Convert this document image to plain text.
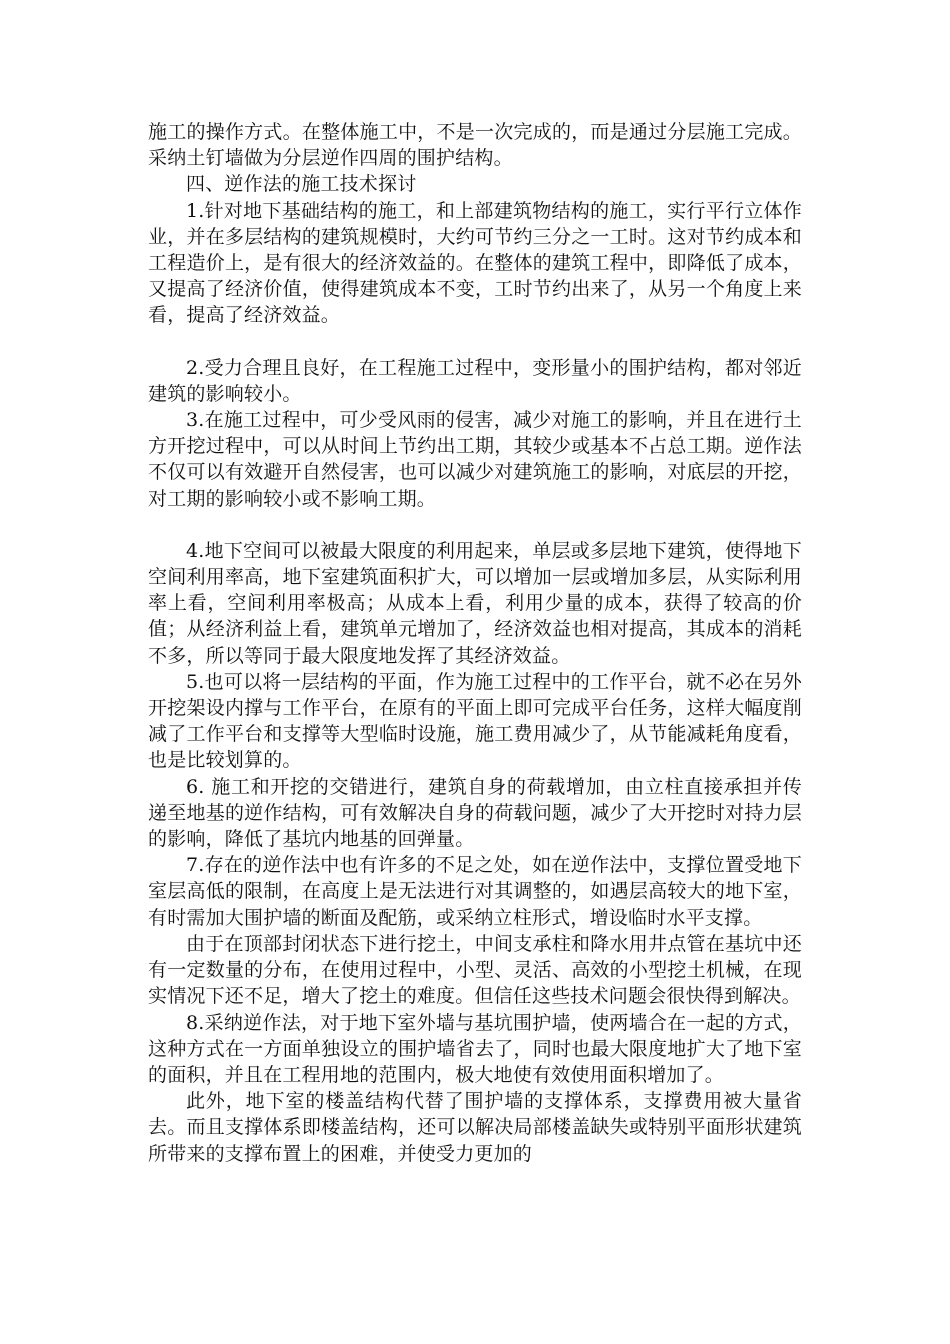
施工的操作方式。在整体施工中，不是一次完成的，而是通过分层施工完成。采纳土钉墙做为分层逆作四周的围护结构。

四、逆作法的施工技术探讨

1.针对地下基础结构的施工，和上部建筑物结构的施工，实行平行立体作业，并在多层结构的建筑规模时，大约可节约三分之一工时。这对节约成本和工程造价上，是有很大的经济效益的。在整体的建筑工程中，即降低了成本，又提高了经济价值，使得建筑成本不变，工时节约出来了，从另一个角度上来看，提高了经济效益。

2.受力合理且良好，在工程施工过程中，变形量小的围护结构，都对邻近建筑的影响较小。

3.在施工过程中，可少受风雨的侵害，减少对施工的影响，并且在进行土方开挖过程中，可以从时间上节约出工期，其较少或基本不占总工期。逆作法不仅可以有效避开自然侵害，也可以减少对建筑施工的影响，对底层的开挖，对工期的影响较小或不影响工期。

4.地下空间可以被最大限度的利用起来，单层或多层地下建筑，使得地下空间利用率高，地下室建筑面积扩大，可以增加一层或增加多层，从实际利用率上看，空间利用率极高；从成本上看，利用少量的成本，获得了较高的价值；从经济利益上看，建筑单元增加了，经济效益也相对提高，其成本的消耗不多，所以等同于最大限度地发挥了其经济效益。

5.也可以将一层结构的平面，作为施工过程中的工作平台，就不必在另外开挖架设内撑与工作平台，在原有的平面上即可完成平台任务，这样大幅度削减了工作平台和支撑等大型临时设施，施工费用减少了，从节能减耗角度看，也是比较划算的。

6. 施工和开挖的交错进行，建筑自身的荷载增加，由立柱直接承担并传递至地基的逆作结构，可有效解决自身的荷载问题，减少了大开挖时对持力层的影响，降低了基坑内地基的回弹量。

7.存在的逆作法中也有许多的不足之处，如在逆作法中，支撑位置受地下室层高低的限制，在高度上是无法进行对其调整的，如遇层高较大的地下室，有时需加大围护墙的断面及配筋，或采纳立柱形式，增设临时水平支撑。

由于在顶部封闭状态下进行挖土，中间支承柱和降水用井点管在基坑中还有一定数量的分布，在使用过程中，小型、灵活、高效的小型挖土机械，在现实情况下还不足，增大了挖土的难度。但信任这些技术问题会很快得到解决。

8.采纳逆作法，对于地下室外墙与基坑围护墙，使两墙合在一起的方式，这种方式在一方面单独设立的围护墙省去了，同时也最大限度地扩大了地下室的面积，并且在工程用地的范围内，极大地使有效使用面积增加了。

此外，地下室的楼盖结构代替了围护墙的支撑体系，支撑费用被大量省去。而且支撑体系即楼盖结构，还可以解决局部楼盖缺失或特别平面形状建筑所带来的支撑布置上的困难，并使受力更加的
